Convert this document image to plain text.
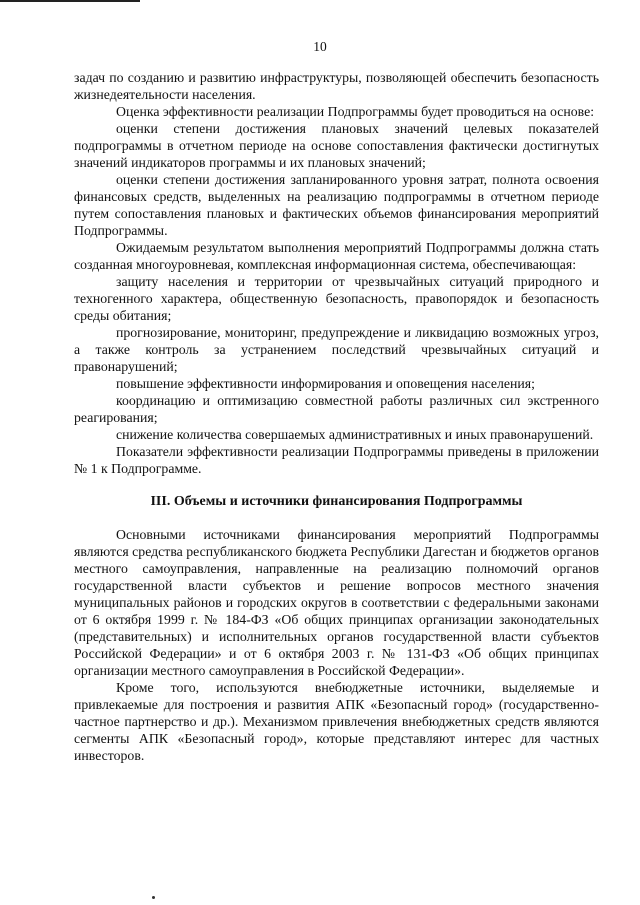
10

задач по созданию и развитию инфраструктуры, позволяющей обеспечить безопасность жизнедеятельности населения.

Оценка эффективности реализации Подпрограммы будет проводиться на основе:

оценки степени достижения плановых значений целевых показателей подпрограммы в отчетном периоде на основе сопоставления фактически достигнутых значений индикаторов программы и их плановых значений;

оценки степени достижения запланированного уровня затрат, полнота освоения финансовых средств, выделенных на реализацию подпрограммы в отчетном периоде путем сопоставления плановых и фактических объемов финансирования мероприятий Подпрограммы.

Ожидаемым результатом выполнения мероприятий Подпрограммы должна стать созданная многоуровневая, комплексная информационная система, обеспечивающая:

защиту населения и территории от чрезвычайных ситуаций природного и техногенного характера, общественную безопасность, правопорядок и безопасность среды обитания;

прогнозирование, мониторинг, предупреждение и ликвидацию возможных угроз, а также контроль за устранением последствий чрезвычайных ситуаций и правонарушений;

повышение эффективности информирования и оповещения населения;

координацию и оптимизацию совместной работы различных сил экстренного реагирования;

снижение количества совершаемых административных и иных правонарушений.

Показатели эффективности реализации Подпрограммы приведены в приложении № 1 к Подпрограмме.

III. Объемы и источники финансирования Подпрограммы

Основными источниками финансирования мероприятий Подпрограммы являются средства республиканского бюджета Республики Дагестан и бюджетов органов местного самоуправления, направленные на реализацию полномочий органов государственной власти субъектов и решение вопросов местного значения муниципальных районов и городских округов в соответствии с федеральными законами от 6 октября 1999 г. № 184-ФЗ «Об общих принципах организации законодательных (представительных) и исполнительных органов государственной власти субъектов Российской Федерации» и от 6 октября 2003 г. № 131-ФЗ «Об общих принципах организации местного самоуправления в Российской Федерации».

Кроме того, используются внебюджетные источники, выделяемые и привлекаемые для построения и развития АПК «Безопасный город» (государственно-частное партнерство и др.). Механизмом привлечения внебюджетных средств являются сегменты АПК «Безопасный город», которые представляют интерес для частных инвесторов.
